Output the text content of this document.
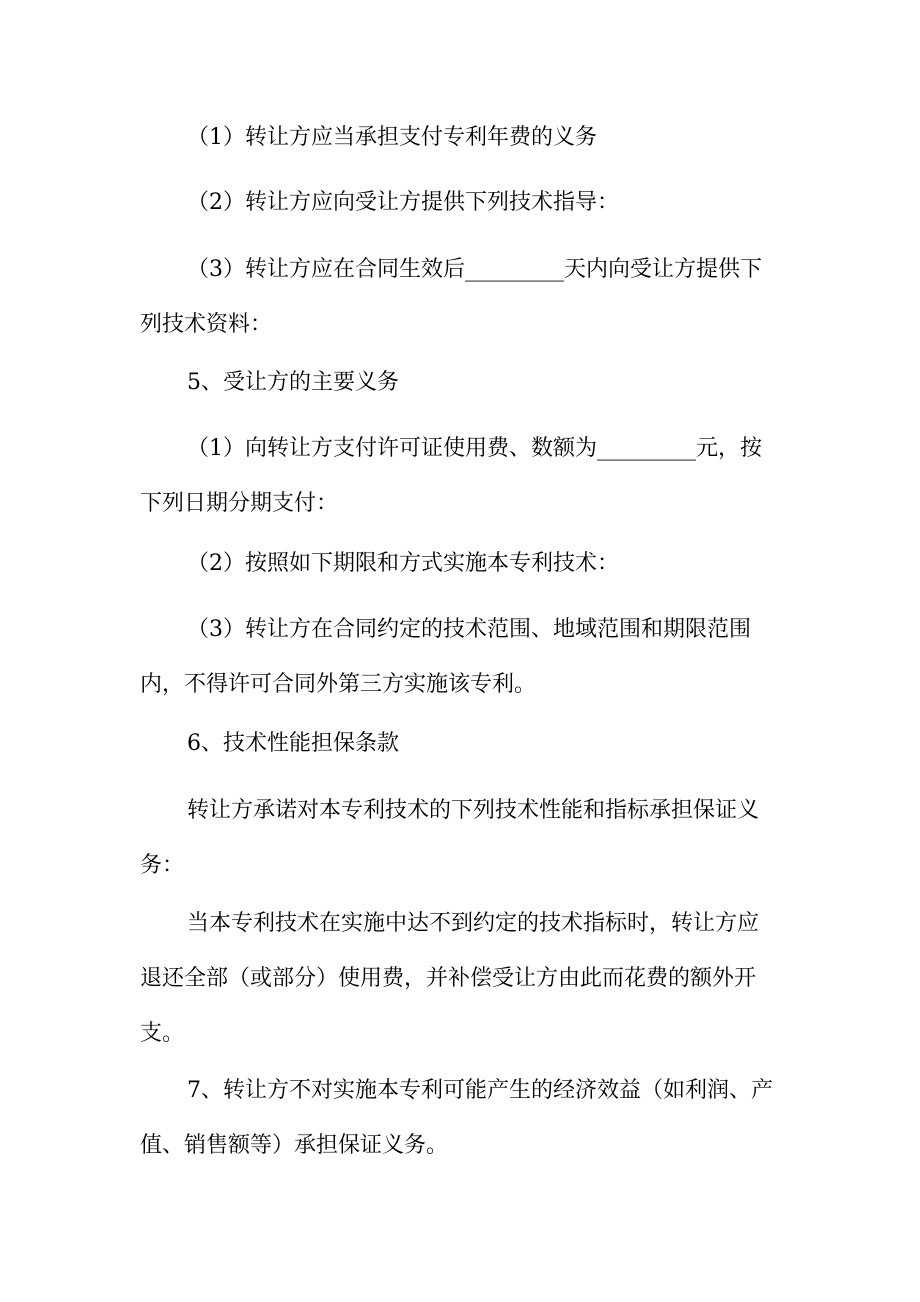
（1）转让方应当承担支付专利年费的义务

（2）转让方应向受让方提供下列技术指导：

（3）转让方应在合同生效后_________天内向受让方提供下列技术资料：

5、受让方的主要义务

（1）向转让方支付许可证使用费、数额为_________元，按下列日期分期支付：

（2）按照如下期限和方式实施本专利技术：

（3）转让方在合同约定的技术范围、地域范围和期限范围内，不得许可合同外第三方实施该专利。

6、技术性能担保条款

转让方承诺对本专利技术的下列技术性能和指标承担保证义务：

当本专利技术在实施中达不到约定的技术指标时，转让方应退还全部（或部分）使用费，并补偿受让方由此而花费的额外开支。

7、转让方不对实施本专利可能产生的经济效益（如利润、产值、销售额等）承担保证义务。
